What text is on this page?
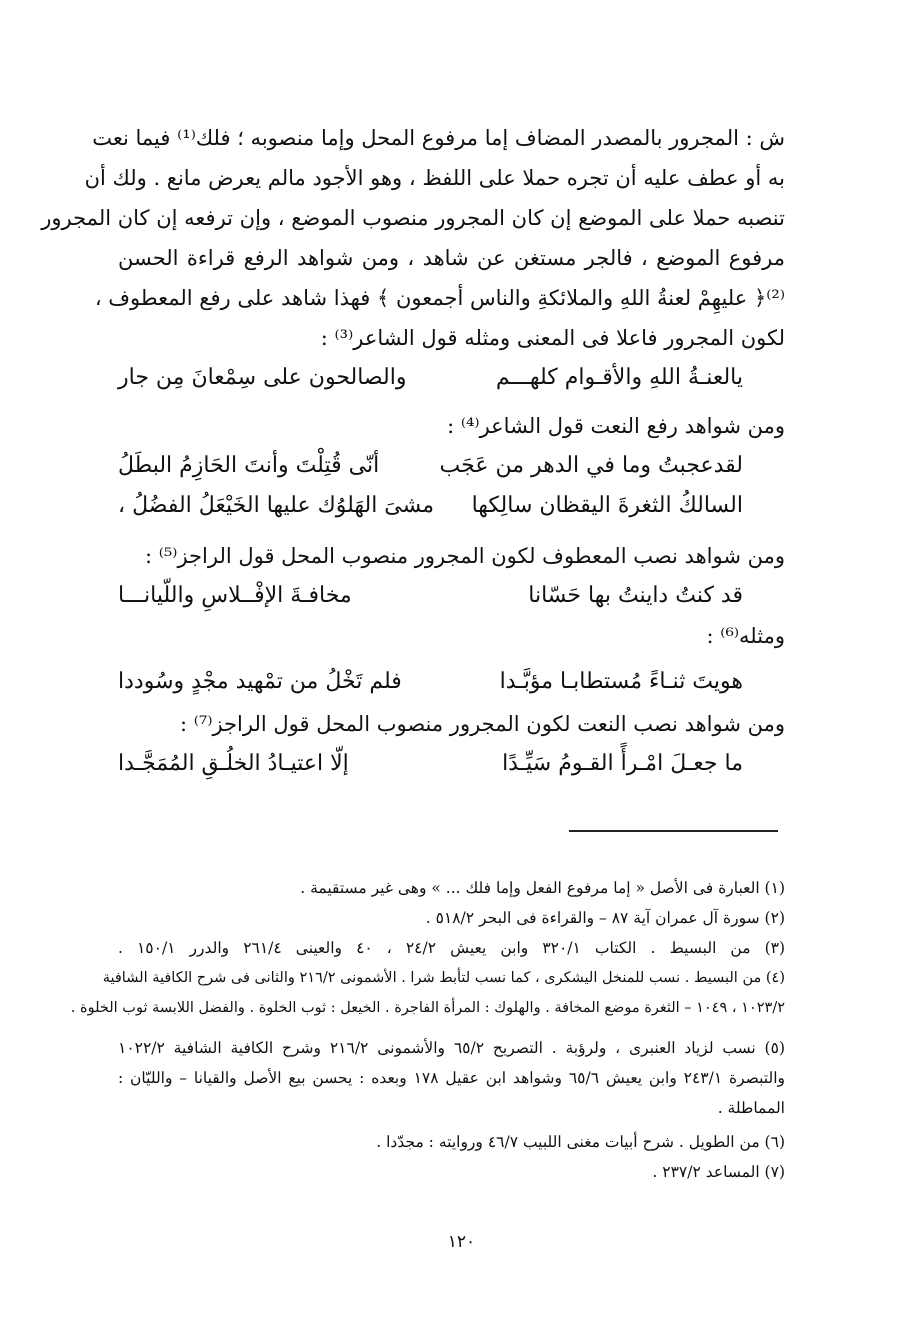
ش : المجرور بالمصدر المضاف إما مرفوع المحل وإما منصوبه ؛ فلك⁽¹⁾ فيما نعت
به أو عطف عليه أن تجره حملا على اللفظ ، وهو الأجود مالم يعرض مانع . ولك أن
تنصبه حملا على الموضع إن كان المجرور منصوب الموضع ، وإن ترفعه إن كان المجرور
مرفوع الموضع ، فالجر مستغن عن شاهد ، ومن شواهد الرفع قراءة الحسن
⁽²⁾﴿ عليهِمْ لعنةُ اللهِ والملائكةِ والناس أجمعون ﴾ فهذا شاهد على رفع المعطوف ،
لكون المجرور فاعلا فى المعنى ومثله قول الشاعر⁽³⁾ :
ومن شواهد رفع النعت قول الشاعر⁽⁴⁾ :
ومن شواهد نصب المعطوف لكون المجرور منصوب المحل قول الراجز⁽⁵⁾ :
ومثله⁽⁶⁾ :
ومن شواهد نصب النعت لكون المجرور منصوب المحل قول الراجز⁽⁷⁾ :
يالعنـةُ اللهِ والأقـوام كلهـــم
والصالحون على سِمْعانَ مِن جار
لقدعجبتُ وما في الدهر من عَجَب
أنّى قُتِلْتَ وأنتَ الحَازِمُ البطَلُ
السالكُ الثغرةَ اليقظان سالِكها
مشىَ الهَلوُك عليها الخَيْعَلُ الفضُلُ ،
قد كنتُ داينتُ بها حَسّانا
مخافـةَ الإفْــلاسِ واللّيانـــا
هويتَ ثنـاءً مُستطابـا مؤبَّـدا
فلم تَخْلُ من تمْهيد مجْدٍ وسُوددا
ما جعـلَ امْـرأً القـومُ سَيِّـدًا
إلّا اعتيـادُ الخلُـقِ المُمَجَّـدا
(١) العبارة فى الأصل « إما مرفوع الفعل وإما فلك ... » وهى غير مستقيمة .
(٢) سورة آل عمران آية ٨٧ – والقراءة فى البحر ٥١٨/٢ .
(٣) من البسيط . الكتاب ٣٢٠/١ وابن يعيش ٢٤/٢ ، ٤٠ والعينى ٢٦١/٤ والدرر ١٥٠/١ .
(٤) من البسيط . نسب للمنخل اليشكرى ، كما نسب لتأبط شرا . الأشمونى ٢١٦/٢ والثانى فى شرح الكافية الشافية
١٠٢٣/٢ ، ١٠٤٩ – الثغرة موضع المخافة . والهلوك : المرأة الفاجرة . الخيعل : ثوب الخلوة . والفضل اللابسة ثوب الخلوة .
(٥) نسب لزياد العنبرى ، ولرؤبة . التصريح ٦٥/٢ والأشمونى ٢١٦/٢ وشرح الكافية الشافية ١٠٢٢/٢
والتبصرة ٢٤٣/١ وابن يعيش ٦٥/٦ وشواهد ابن عقيل ١٧٨ وبعده : يحسن بيع الأصل والقيانا – والليّان :
المماطلة .
(٦) من الطويل . شرح أبيات مغنى اللبيب ٤٦/٧ وروايته : مجدّدا .
(٧) المساعد ٢٣٧/٢ .
١٢٠
